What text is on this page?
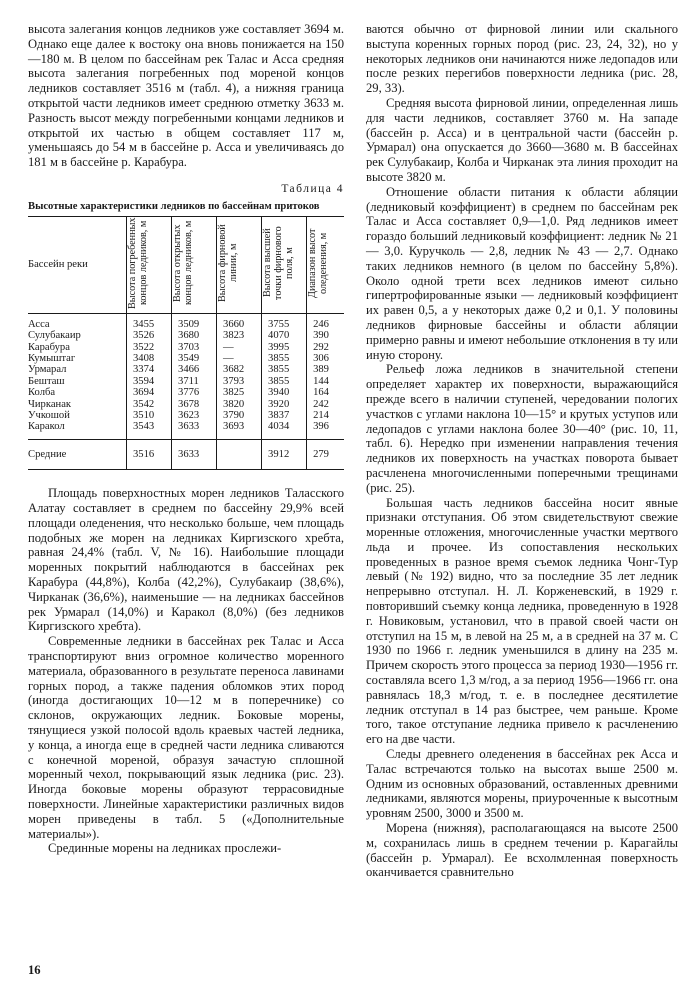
высота залегания концов ледников уже составляет 3694 м. Однако еще далее к востоку она вновь понижается на 150—180 м. В целом по бассейнам рек Талас и Асса средняя высота залегания погребенных под мореной концов ледников составляет 3516 м (табл. 4), а нижняя граница открытой части ледников имеет среднюю отметку 3633 м. Разность высот между погребенными концами ледников и открытой их частью в общем составляет 117 м, уменьшаясь до 54 м в бассейне р. Асса и увеличиваясь до 181 м в бассейне р. Карабура.

Таблица 4
Высотные характеристики ледников по бассейнам притоков
Бассейн реки	Высота погребенных концов ледников, м	Высота открытых концов ледников, м	Высота фирновой линии, м	Высота высшей точки фирнового поля, м	Диапазон высот оледенения, м
Асса	3455	3509	3660	3755	246
Сулубакаир	3526	3680	3823	4070	390
Карабура	3522	3703	—	3995	292
Кумыштаг	3408	3549	—	3855	306
Урмарал	3374	3466	3682	3855	389
Бешташ	3594	3711	3793	3855	144
Колба	3694	3776	3825	3940	164
Чирканак	3542	3678	3820	3920	242
Учкошой	3510	3623	3790	3837	214
Каракол	3543	3633	3693	4034	396
Средние	3516	3633		3912	279

Площадь поверхностных морен ледников Таласского Алатау составляет в среднем по бассейну 29,9% всей площади оледенения, что несколько больше, чем площадь подобных же морен на ледниках Киргизского хребта, равная 24,4% (табл. V, № 16). Наибольшие площади моренных покрытий наблюдаются в бассейнах рек Карабура (44,8%), Колба (42,2%), Сулубакаир (38,6%), Чирканак (36,6%), наименьшие — на ледниках бассейнов рек Урмарал (14,0%) и Каракол (8,0%) (без ледников Киргизского хребта).

Современные ледники в бассейнах рек Талас и Асса транспортируют вниз огромное количество моренного материала, образованного в результате переноса лавинами горных пород, а также падения обломков этих пород (иногда достигающих 10—12 м в поперечнике) со склонов, окружающих ледник. Боковые морены, тянущиеся узкой полосой вдоль краевых частей ледника, у конца, а иногда еще в средней части ледника сливаются с конечной мореной, образуя зачастую сплошной моренный чехол, покрывающий язык ледника (рис. 23). Иногда боковые морены образуют террасовидные поверхности. Линейные характеристики различных видов морен приведены в табл. 5 («Дополнительные материалы»).

Срединные морены на ледниках прослежи-

ваются обычно от фирновой линии или скального выступа коренных горных пород (рис. 23, 24, 32), но у некоторых ледников они начинаются ниже ледопадов или после резких перегибов поверхности ледника (рис. 28, 29, 33).

Средняя высота фирновой линии, определенная лишь для части ледников, составляет 3760 м. На западе (бассейн р. Асса) и в центральной части (бассейн р. Урмарал) она опускается до 3660—3680 м. В бассейнах рек Сулубакаир, Колба и Чирканак эта линия проходит на высоте 3820 м.

Отношение области питания к области абляции (ледниковый коэффициент) в среднем по бассейнам рек Талас и Асса составляет 0,9—1,0. Ряд ледников имеет гораздо больший ледниковый коэффициент: ледник № 21 — 3,0. Куручколь — 2,8, ледник № 43 — 2,7. Однако таких ледников немного (в целом по бассейну 5,8%). Около одной трети всех ледников имеют сильно гипертрофированные языки — ледниковый коэффициент их равен 0,5, а у некоторых даже 0,2 и 0,1. У половины ледников фирновые бассейны и области абляции примерно равны и имеют небольшие отклонения в ту или иную сторону.

Рельеф ложа ледников в значительной степени определяет характер их поверхности, выражающийся прежде всего в наличии ступеней, чередовании пологих участков с углами наклона 10—15° и крутых уступов или ледопадов с углами наклона более 30—40° (рис. 10, 11, табл. 6). Нередко при изменении направления течения ледников их поверхность на участках поворота бывает расчленена многочисленными поперечными трещинами (рис. 25).

Большая часть ледников бассейна носит явные признаки отступания. Об этом свидетельствуют свежие моренные отложения, многочисленные участки мертвого льда и прочее. Из сопоставления нескольких проведенных в разное время съемок ледника Чонг-Тур левый (№ 192) видно, что за последние 35 лет ледник непрерывно отступал. Н. Л. Корженевский, в 1929 г. повторивший съемку конца ледника, проведенную в 1928 г. Новиковым, установил, что в правой своей части он отступил на 15 м, в левой на 25 м, а в средней на 37 м. С 1930 по 1966 г. ледник уменьшился в длину на 235 м. Причем скорость этого процесса за период 1930—1956 гг. составляла всего 1,3 м/год, а за период 1956—1966 гг. она равнялась 18,3 м/год, т. е. в последнее десятилетие ледник отступал в 14 раз быстрее, чем раньше. Кроме того, такое отступание ледника привело к расчленению его на две части.

Следы древнего оледенения в бассейнах рек Асса и Талас встречаются только на высотах выше 2500 м. Одним из основных образований, оставленных древними ледниками, являются морены, приуроченные к высотным уровням 2500, 3000 и 3500 м.

Морена (нижняя), располагающаяся на высоте 2500 м, сохранилась лишь в среднем течении р. Карагайлы (бассейн р. Урмарал). Ее всхолмленная поверхность оканчивается сравнительно

16
